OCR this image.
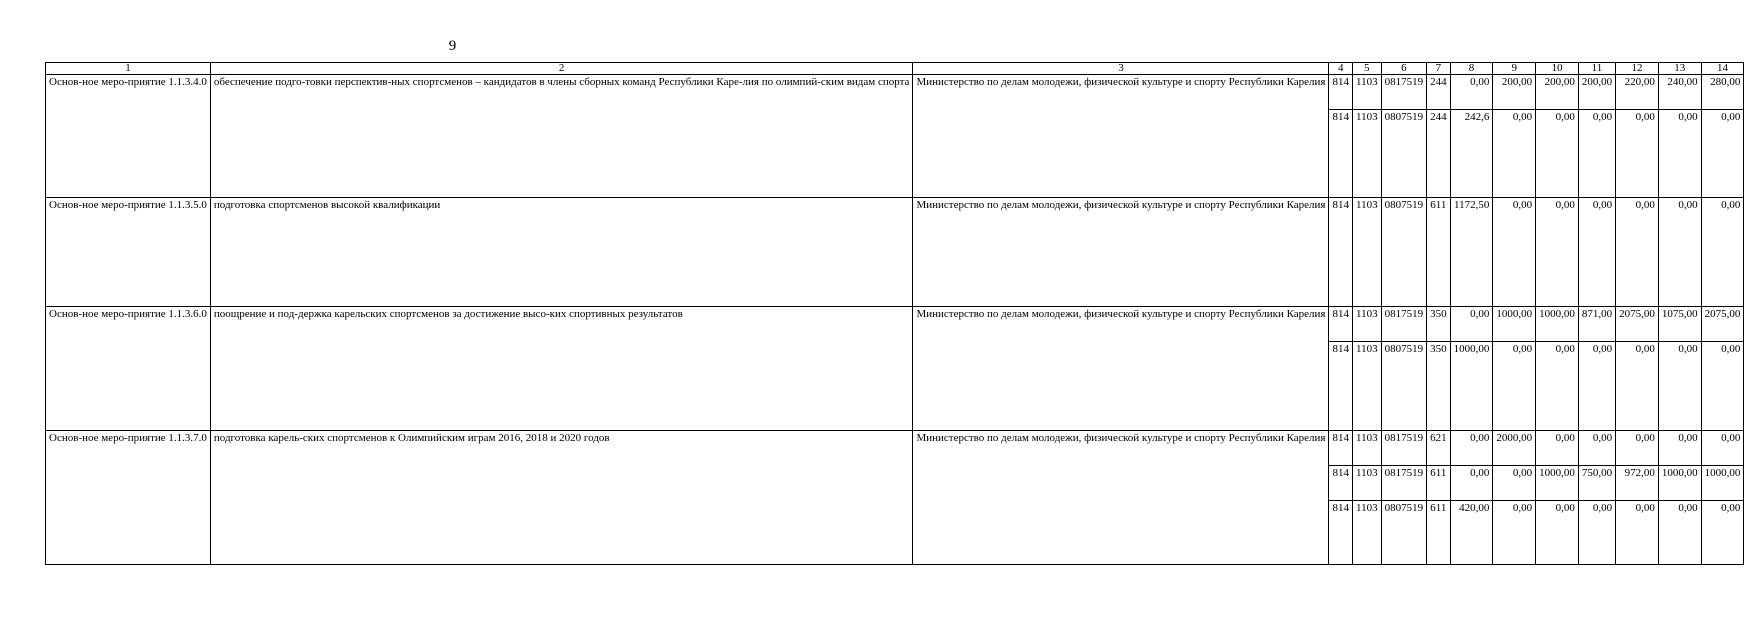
9
1	2	3	4	5	6	7	8	9	10	11	12	13	14
Основ-ное меро-приятие 1.1.3.4.0	обеспечение подго-товки перспектив-ных спортсменов – кандидатов в члены сборных команд Республики Каре-лия по олимпий-ским видам спорта	Министерство по делам молодежи, физической культуре и спорту Республики Карелия	814	1103	0817519	244	0,00	200,00	200,00	200,00	220,00	240,00	280,00
			814	1103	0807519	244	242,6	0,00	0,00	0,00	0,00	0,00	0,00
Основ-ное меро-приятие 1.1.3.5.0	подготовка спортсменов высокой квалификации	Министерство по делам молодежи, физической культуре и спорту Республики Карелия	814	1103	0807519	611	1172,50	0,00	0,00	0,00	0,00	0,00	0,00
Основ-ное меро-приятие 1.1.3.6.0	поощрение и под-держка карельских спортсменов за достижение высо-ких спортивных результатов	Министерство по делам молодежи, физической культуре и спорту Республики Карелия	814	1103	0817519	350	0,00	1000,00	1000,00	871,00	2075,00	1075,00	2075,00
			814	1103	0807519	350	1000,00	0,00	0,00	0,00	0,00	0,00	0,00
Основ-ное меро-приятие 1.1.3.7.0	подготовка карель-ских спортсменов к Олимпийским играм 2016, 2018 и 2020 годов	Министерство по делам молодежи, физической культуре и спорту Республики Карелия	814	1103	0817519	621	0,00	2000,00	0,00	0,00	0,00	0,00	0,00
			814	1103	0817519	611	0,00	0,00	1000,00	750,00	972,00	1000,00	1000,00
			814	1103	0807519	611	420,00	0,00	0,00	0,00	0,00	0,00	0,00
